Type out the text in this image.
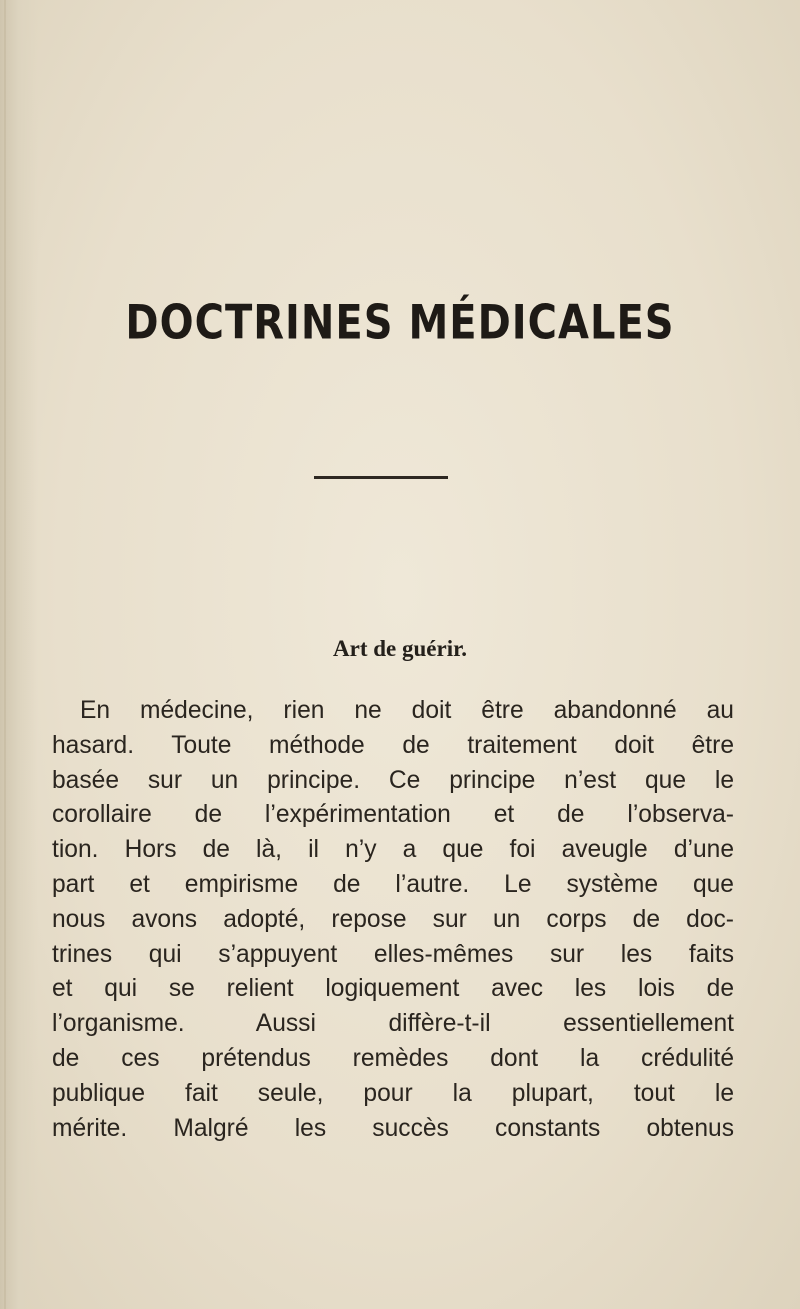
DOCTRINES MÉDICALES
Art de guérir.
En médecine, rien ne doit être abandonné au
hasard. Toute méthode de traitement doit être
basée sur un principe. Ce principe n’est que le
corollaire de l’expérimentation et de l’observa-
tion. Hors de là, il n’y a que foi aveugle d’une
part et empirisme de l’autre. Le système que
nous avons adopté, repose sur un corps de doc-
trines qui s’appuyent elles-mêmes sur les faits
et qui se relient logiquement avec les lois de
l’organisme. Aussi diffère-t-il essentiellement
de ces prétendus remèdes dont la crédulité
publique fait seule, pour la plupart, tout le
mérite. Malgré les succès constants obtenus
